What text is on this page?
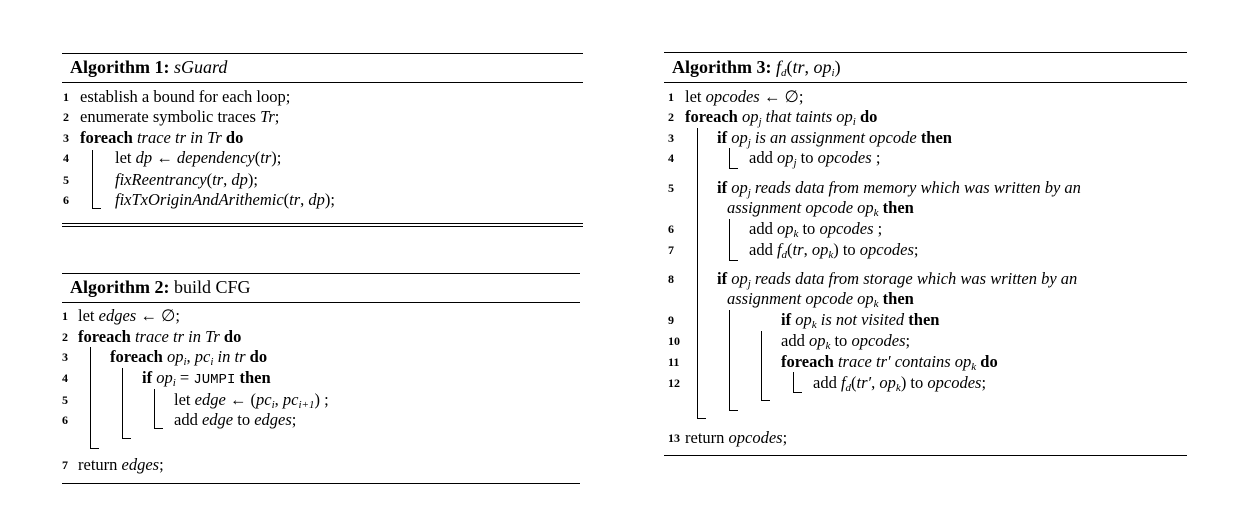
Algorithm 1: sGuard
1 establish a bound for each loop;
2 enumerate symbolic traces Tr;
3 foreach trace tr in Tr do
4	let dp ← dependency(tr);
5	fixReentrancy(tr, dp);
6	fixTxOriginAndArithemic(tr, dp);
Algorithm 2: build CFG
1 let edges ← ∅;
2 foreach trace tr in Tr do
3	foreach $op_i$, $pc_i$ in tr do
4	if $op_i$ = JUMPI then
5	let edge ← ($pc_i$, $pc_{i+1}$) ;
6	add edge to edges;
7 return edges;
Algorithm 3: $f_d(tr$, $op_i$)
1 let opcodes ← ∅;
2 foreach $op_j$ that taints $op_i$ do
3	if $op_j$ is an assignment opcode then
4	add $op_j$ to opcodes ;
5	if $op_j$ reads data from memory which was written by an
assignment opcode $op_k$ then
6	add $op_k$ to opcodes ;
7	add $f_d(tr$, $op_k$) to opcodes;
8	if $op_j$ reads data from storage which was written by an
assignment opcode $op_k$ then
9	if $op_k$ is not visited then
10	add $op_k$ to opcodes;
11	foreach trace tr′ contains $op_k$ do
12	add $f_d(tr'$, $op_k$) to opcodes;
13 return opcodes;
